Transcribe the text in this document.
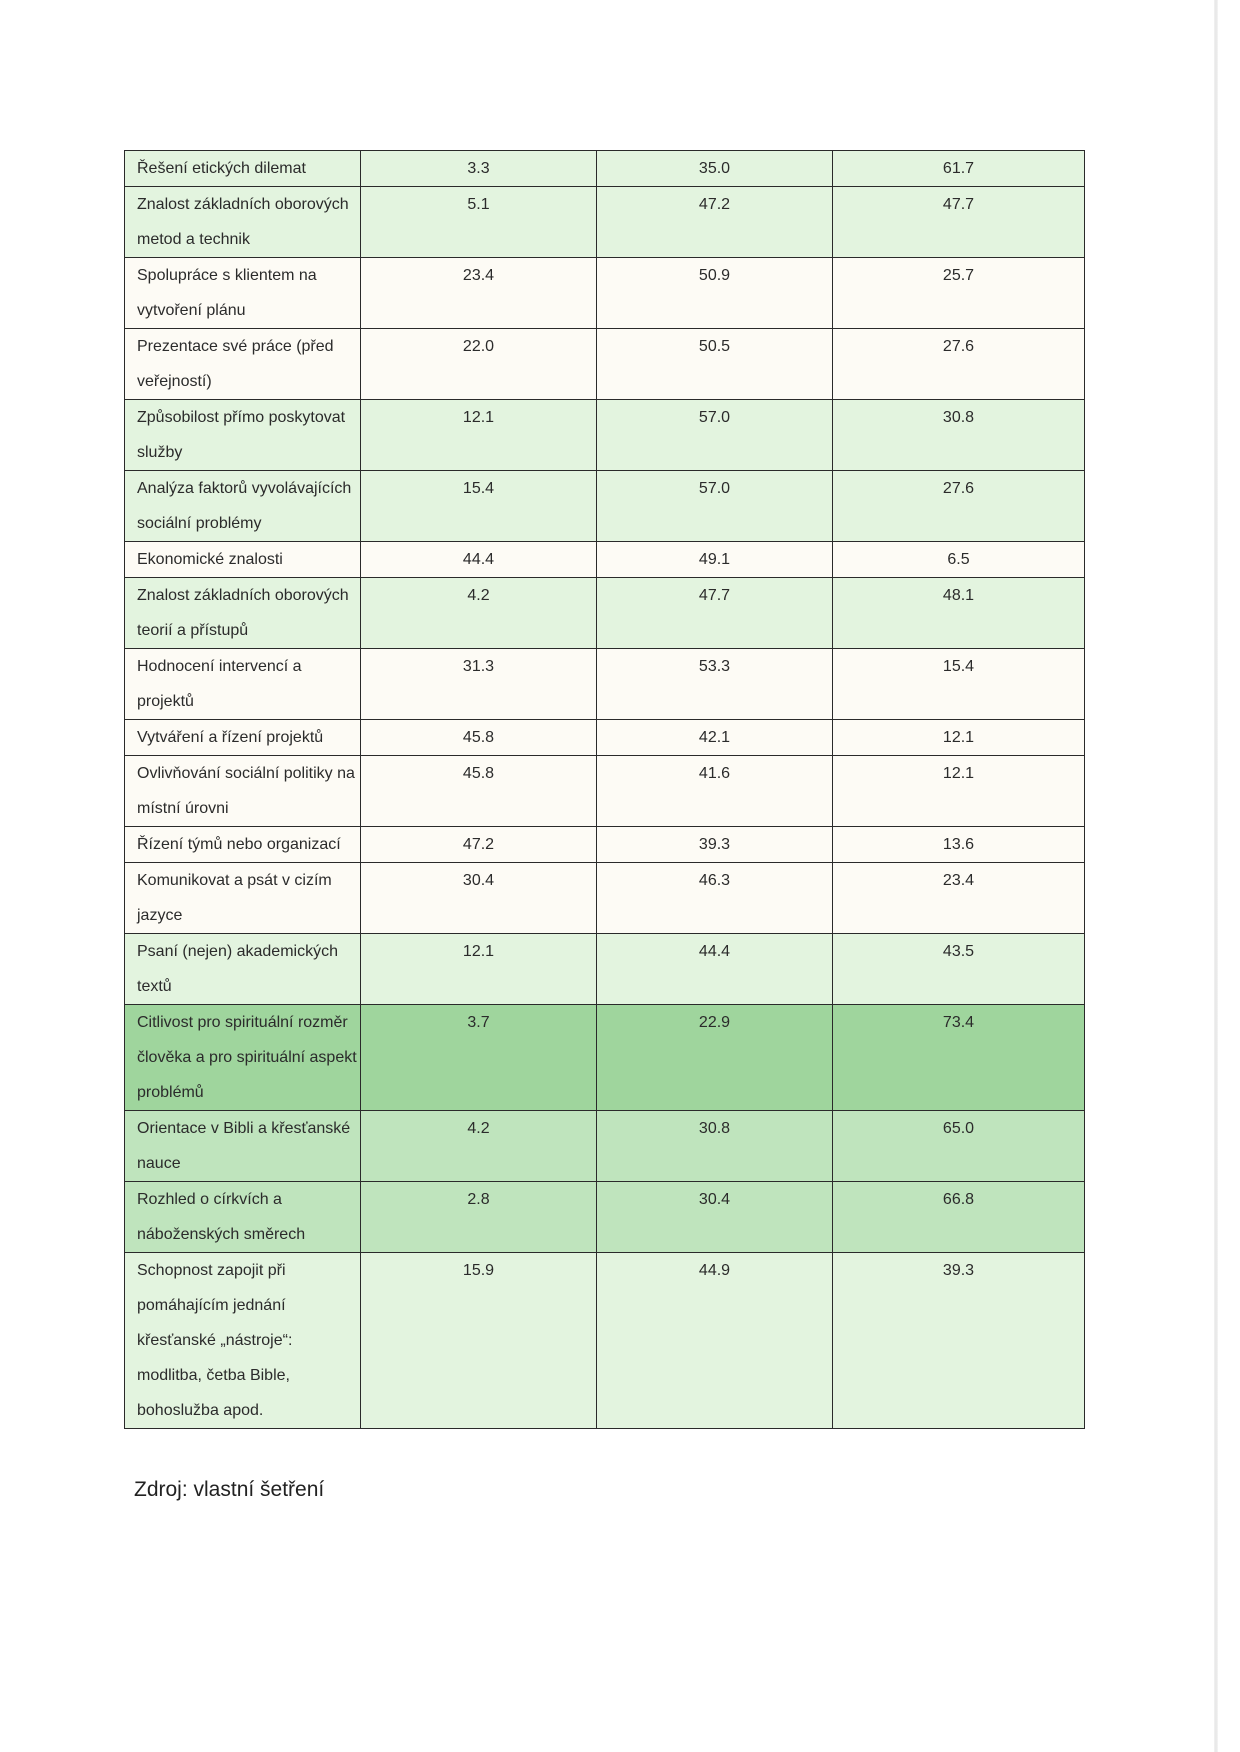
Řešení etických dilemat	3.3	35.0	61.7
Znalost základních oborových metod a technik	5.1	47.2	47.7
Spolupráce s klientem na vytvoření plánu	23.4	50.9	25.7
Prezentace své práce (před veřejností)	22.0	50.5	27.6
Způsobilost přímo poskytovat služby	12.1	57.0	30.8
Analýza faktorů vyvolávajících sociální problémy	15.4	57.0	27.6
Ekonomické znalosti	44.4	49.1	6.5
Znalost základních oborových teorií a přístupů	4.2	47.7	48.1
Hodnocení intervencí a projektů	31.3	53.3	15.4
Vytváření a řízení projektů	45.8	42.1	12.1
Ovlivňování sociální politiky na místní úrovni	45.8	41.6	12.1
Řízení týmů nebo organizací	47.2	39.3	13.6
Komunikovat a psát v cizím jazyce	30.4	46.3	23.4
Psaní (nejen) akademických textů	12.1	44.4	43.5
Citlivost pro spirituální rozměr člověka a pro spirituální aspekt problémů	3.7	22.9	73.4
Orientace v Bibli a křesťanské nauce	4.2	30.8	65.0
Rozhled o církvích a náboženských směrech	2.8	30.4	66.8
Schopnost zapojit při pomáhajícím jednání křesťanské „nástroje“: modlitba, četba Bible, bohoslužba apod.	15.9	44.9	39.3
Zdroj: vlastní šetření
